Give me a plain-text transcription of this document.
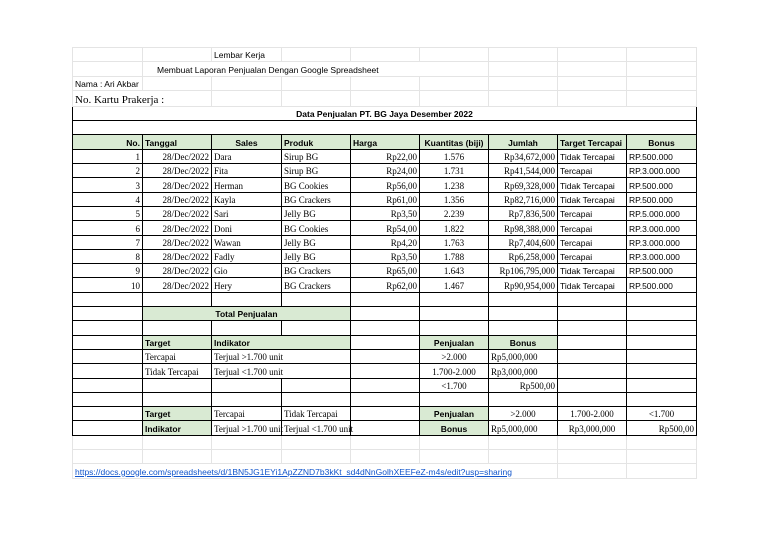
		Lembar Kerja						
	Membuat Laporan Penjualan Dengan Google Spreadsheet							
Nama : Ari Akbar								
No. Kartu Prakerja :								
Data Penjualan PT. BG Jaya Desember 2022								

No.	Tanggal	Sales	Produk	Harga	Kuantitas (biji)	Jumlah	Target Tercapai	Bonus
1	28/Dec/2022	Dara	Sirup BG	Rp22,00	1.576	Rp34,672,000	Tidak Tercapai	RP.500.000
2	28/Dec/2022	Fita	Sirup BG	Rp24,00	1.731	Rp41,544,000	Tercapai	RP.3.000.000
3	28/Dec/2022	Herman	BG Cookies	Rp56,00	1.238	Rp69,328,000	Tidak Tercapai	RP.500.000
4	28/Dec/2022	Kayla	BG Crackers	Rp61,00	1.356	Rp82,716,000	Tidak Tercapai	RP.500.000
5	28/Dec/2022	Sari	Jelly BG	Rp3,50	2.239	Rp7,836,500	Tercapai	RP.5.000.000
6	28/Dec/2022	Doni	BG Cookies	Rp54,00	1.822	Rp98,388,000	Tercapai	RP.3.000.000
7	28/Dec/2022	Wawan	Jelly BG	Rp4,20	1.763	Rp7,404,600	Tercapai	RP.3.000.000
8	28/Dec/2022	Fadly	Jelly BG	Rp3,50	1.788	Rp6,258,000	Tercapai	RP.3.000.000
9	28/Dec/2022	Gio	BG Crackers	Rp65,00	1.643	Rp106,795,000	Tidak Tercapai	RP.500.000
10	28/Dec/2022	Hery	BG Crackers	Rp62,00	1.467	Rp90,954,000	Tidak Tercapai	RP.500.000

	Total Penjualan							

	Target	Indikator			Penjualan	Bonus		
	Tercapai	Terjual >1.700 unit			>2.000	Rp5,000,000		
	Tidak Tercapai	Terjual <1.700 unit			1.700-2.000	Rp3,000,000		
					<1.700	Rp500,00		

	Target	Tercapai	Tidak Tercapai		Penjualan	>2.000	1.700-2.000	<1.700
	Indikator	Terjual >1.700 unit	Terjual <1.700 unit		Bonus	Rp5,000,000	Rp3,000,000	Rp500,00

https://docs.google.com/spreadsheets/d/1BN5JG1EYi1ApZZND7b3kKt_sd4dNnGolhXEEFeZ-m4s/edit?usp=sharing								
